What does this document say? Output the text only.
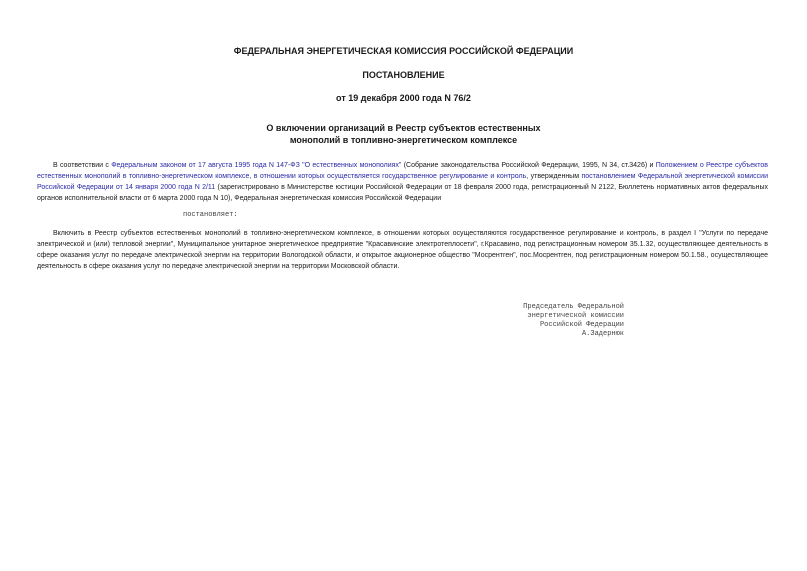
ФЕДЕРАЛЬНАЯ ЭНЕРГЕТИЧЕСКАЯ КОМИССИЯ РОССИЙСКОЙ ФЕДЕРАЦИИ
ПОСТАНОВЛЕНИЕ
от 19 декабря 2000 года N 76/2
О включении организаций в Реестр субъектов естественных
монополий в топливно-энергетическом комплексе
В соответствии с Федеральным законом от 17 августа 1995 года N 147-ФЗ "О естественных монополиях" (Собрание законодательства Российской Федерации, 1995, N 34, ст.3426) и Положением о Реестре субъектов естественных монополий в топливно-энергетическом комплексе, в отношении которых осуществляется государственное регулирование и контроль, утвержденным постановлением Федеральной энергетической комиссии Российской Федерации от 14 января 2000 года N 2/11 (зарегистрировано в Министерстве юстиции Российской Федерации от 18 февраля 2000 года, регистрационный N 2122, Бюллетень нормативных актов федеральных органов исполнительной власти от 6 марта 2000 года N 10), Федеральная энергетическая комиссия Российской Федерации
постановляет:
Включить в Реестр субъектов естественных монополий в топливно-энергетическом комплексе, в отношении которых осуществляются государственное регулирование и контроль, в раздел I "Услуги по передаче электрической и (или) тепловой энергии", Муниципальное унитарное энергетическое предприятие "Красавинские электротеплосети", г.Красавино, под регистрационным номером 35.1.32, осуществляющее деятельность в сфере оказания услуг по передаче электрической энергии на территории Вологодской области, и открытое акционерное общество "Мосрентген", пос.Мосрентген, под регистрационным номером 50.1.58., осуществляющее деятельность в сфере оказания услуг по передаче электрической энергии на территории Московской области.
Председатель Федеральной
энергетической комиссии
Российской Федерации
А.Задернюк
